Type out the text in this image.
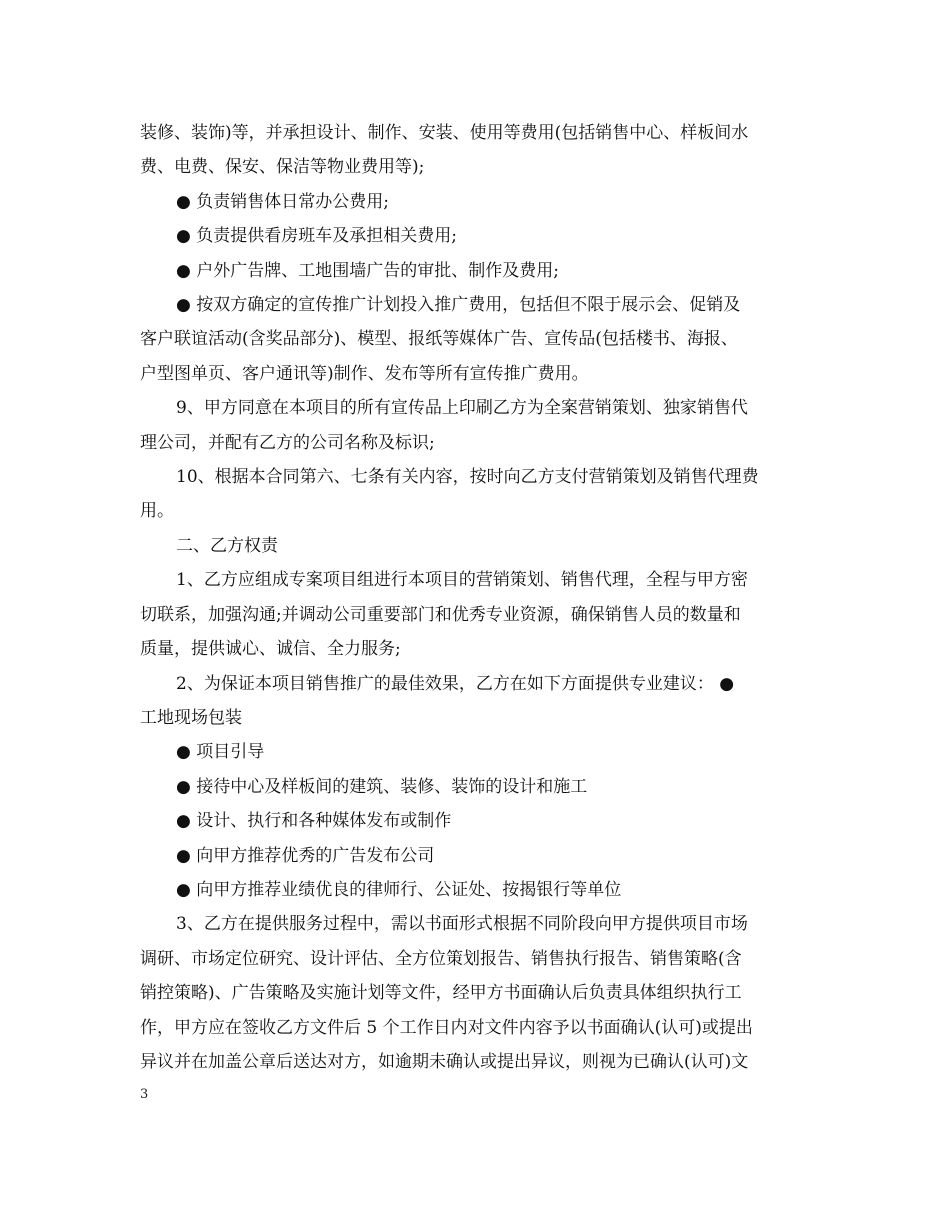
装修、装饰)等，并承担设计、制作、安装、使用等费用(包括销售中心、样板间水

费、电费、保安、保洁等物业费用等);

● 负责销售体日常办公费用;

● 负责提供看房班车及承担相关费用;

● 户外广告牌、工地围墙广告的审批、制作及费用;

● 按双方确定的宣传推广计划投入推广费用，包括但不限于展示会、促销及

客户联谊活动(含奖品部分)、模型、报纸等媒体广告、宣传品(包括楼书、海报、

户型图单页、客户通讯等)制作、发布等所有宣传推广费用。

9、甲方同意在本项目的所有宣传品上印刷乙方为全案营销策划、独家销售代

理公司，并配有乙方的公司名称及标识;

10、根据本合同第六、七条有关内容，按时向乙方支付营销策划及销售代理费

用。

二、乙方权责

1、乙方应组成专案项目组进行本项目的营销策划、销售代理，全程与甲方密

切联系，加强沟通;并调动公司重要部门和优秀专业资源，确保销售人员的数量和

质量，提供诚心、诚信、全力服务;

2、为保证本项目销售推广的最佳效果，乙方在如下方面提供专业建议： ●

工地现场包装

● 项目引导

● 接待中心及样板间的建筑、装修、装饰的设计和施工

● 设计、执行和各种媒体发布或制作

● 向甲方推荐优秀的广告发布公司

● 向甲方推荐业绩优良的律师行、公证处、按揭银行等单位

3、乙方在提供服务过程中，需以书面形式根据不同阶段向甲方提供项目市场

调研、市场定位研究、设计评估、全方位策划报告、销售执行报告、销售策略(含

销控策略)、广告策略及实施计划等文件，经甲方书面确认后负责具体组织执行工

作，甲方应在签收乙方文件后 5 个工作日内对文件内容予以书面确认(认可)或提出

异议并在加盖公章后送达对方，如逾期未确认或提出异议，则视为已确认(认可)文

3
